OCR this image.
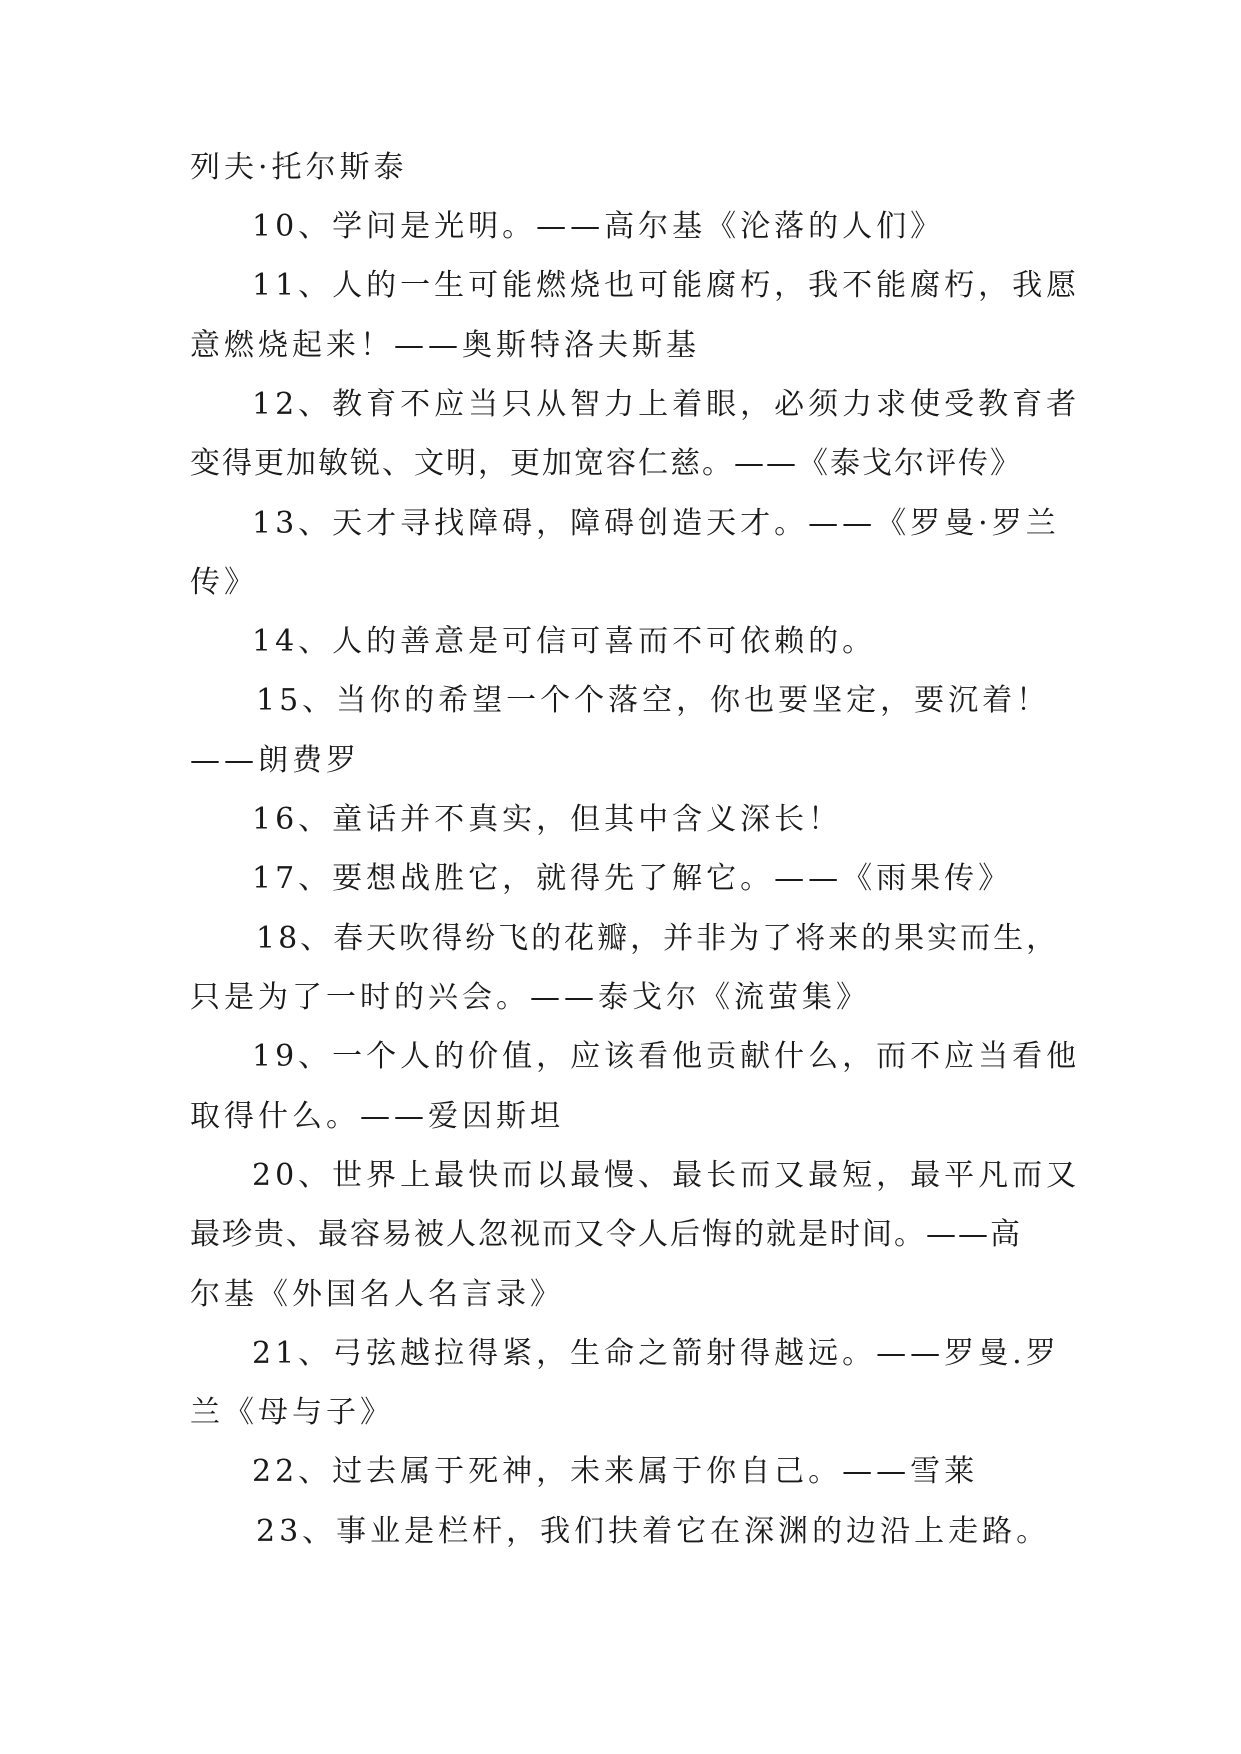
列夫·托尔斯泰
10、学问是光明。——高尔基《沦落的人们》
11、人的一生可能燃烧也可能腐朽，我不能腐朽，我愿
意燃烧起来！——奥斯特洛夫斯基
12、教育不应当只从智力上着眼，必须力求使受教育者
变得更加敏锐、文明，更加宽容仁慈。——《泰戈尔评传》
13、天才寻找障碍，障碍创造天才。——《罗曼·罗兰
传》
14、人的善意是可信可喜而不可依赖的。
15、当你的希望一个个落空，你也要坚定，要沉着！
——朗费罗
16、童话并不真实，但其中含义深长！
17、要想战胜它，就得先了解它。——《雨果传》
18、春天吹得纷飞的花瓣，并非为了将来的果实而生，
只是为了一时的兴会。——泰戈尔《流萤集》
19、一个人的价值，应该看他贡献什么，而不应当看他
取得什么。——爱因斯坦
20、世界上最快而以最慢、最长而又最短，最平凡而又
最珍贵、最容易被人忽视而又令人后悔的就是时间。——高
尔基《外国名人名言录》
21、弓弦越拉得紧，生命之箭射得越远。——罗曼.罗
兰《母与子》
22、过去属于死神，未来属于你自己。——雪莱
23、事业是栏杆，我们扶着它在深渊的边沿上走路。
